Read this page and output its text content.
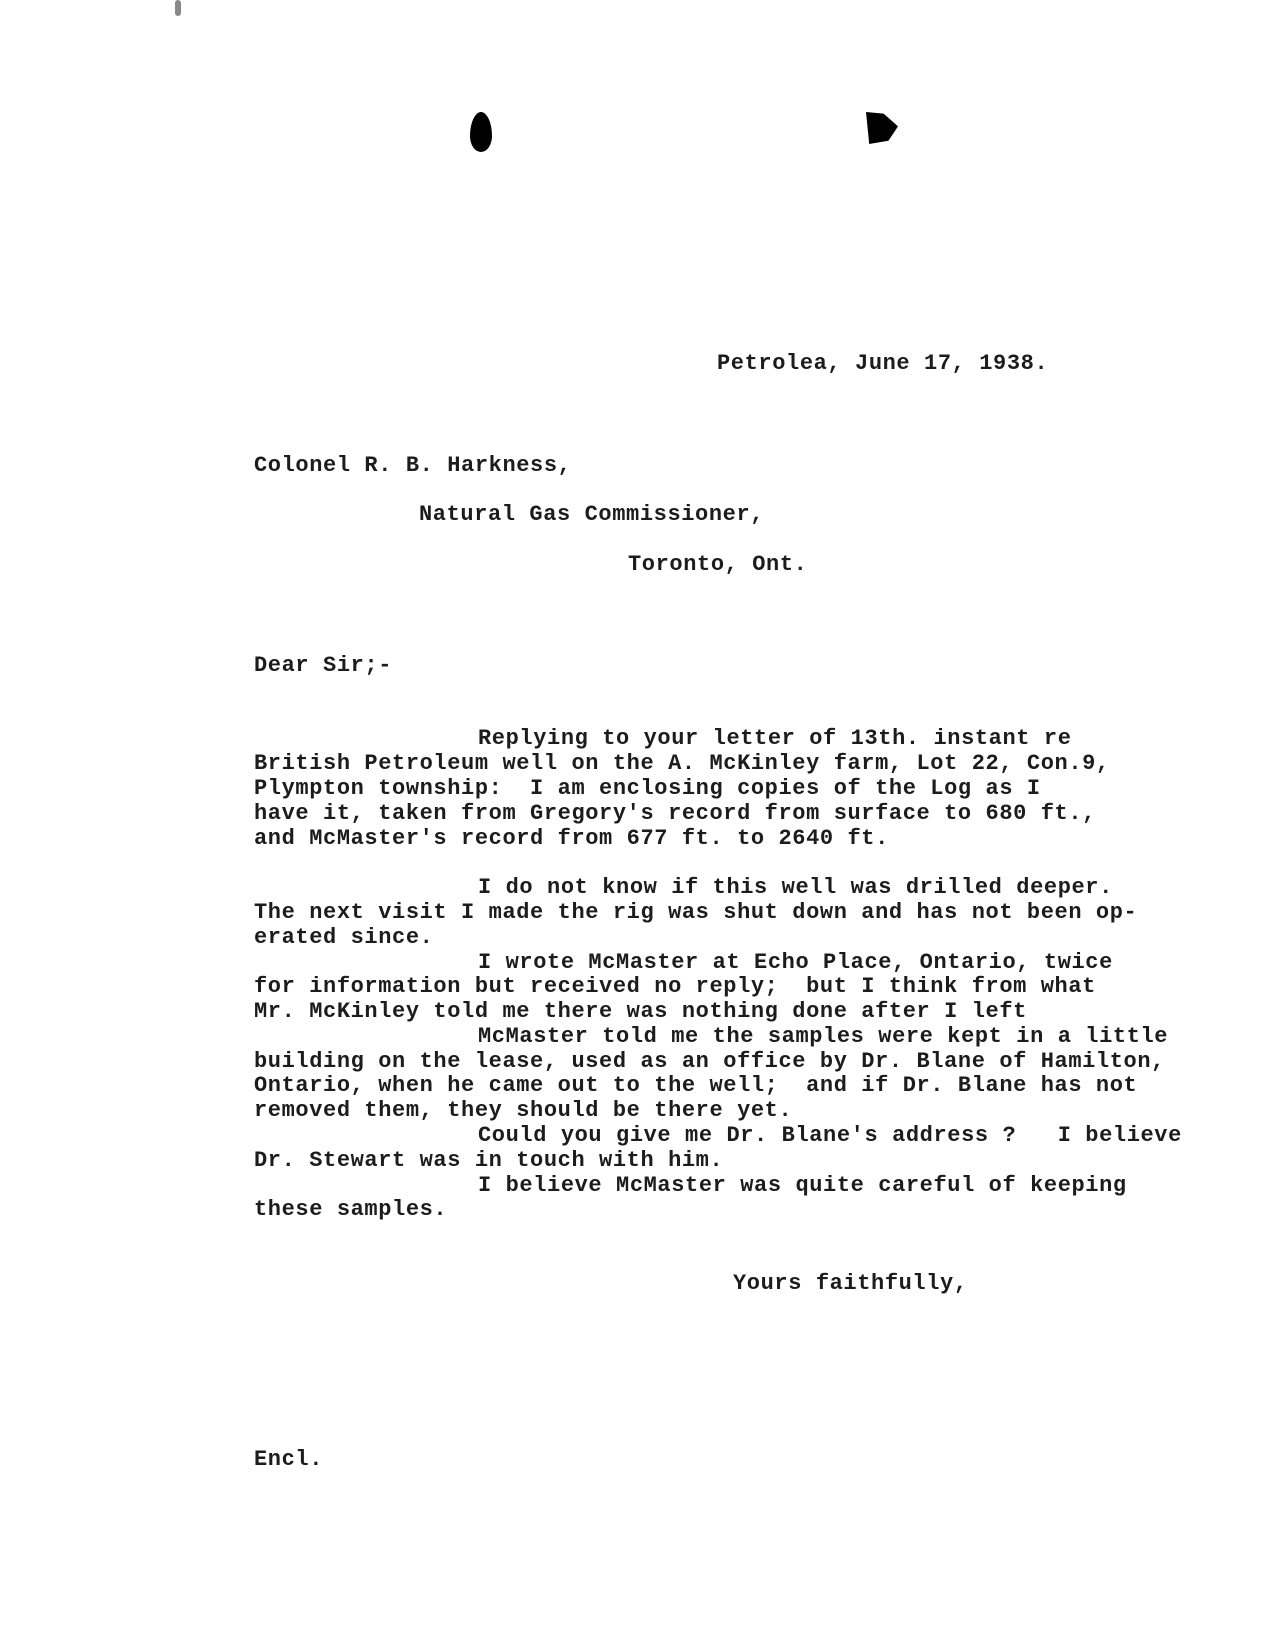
Petrolea, June 17, 1938.
Colonel R. B. Harkness,
Natural Gas Commissioner,
Toronto, Ont.
Dear Sir;-
Replying to your letter of 13th. instant re
British Petroleum well on the A. McKinley farm, Lot 22, Con.9,
Plympton township:  I am enclosing copies of the Log as I
have it, taken from Gregory's record from surface to 680 ft.,
and McMaster's record from 677 ft. to 2640 ft.
I do not know if this well was drilled deeper.
The next visit I made the rig was shut down and has not been op-
erated since.
I wrote McMaster at Echo Place, Ontario, twice
for information but received no reply;  but I think from what
Mr. McKinley told me there was nothing done after I left
McMaster told me the samples were kept in a little
building on the lease, used as an office by Dr. Blane of Hamilton,
Ontario, when he came out to the well;  and if Dr. Blane has not
removed them, they should be there yet.
Could you give me Dr. Blane's address ?   I believe
Dr. Stewart was in touch with him.
I believe McMaster was quite careful of keeping
these samples.
Yours faithfully,
Encl.
